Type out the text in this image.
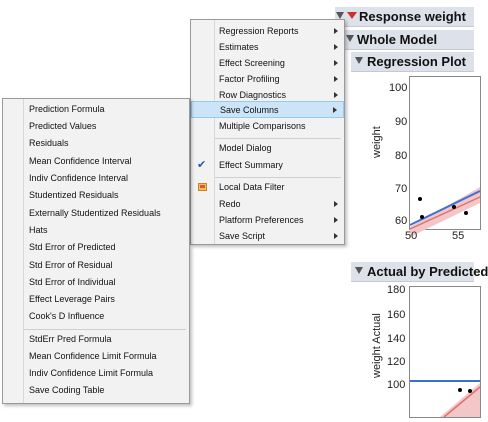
Response weight
Whole Model
Regression Plot
100
90
80
70
60
weight
50	55
Actual by Predicted
180
160
140
120
100
weight Actual
Regression Reports
Estimates
Effect Screening
Factor Profiling
Row Diagnostics
Save Columns
Multiple Comparisons
Model Dialog
✔ Effect Summary
Local Data Filter
Redo
Platform Preferences
Save Script
Prediction Formula
Predicted Values
Residuals
Mean Confidence Interval
Indiv Confidence Interval
Studentized Residuals
Externally Studentized Residuals
Hats
Std Error of Predicted
Std Error of Residual
Std Error of Individual
Effect Leverage Pairs
Cook's D Influence
StdErr Pred Formula
Mean Confidence Limit Formula
Indiv Confidence Limit Formula
Save Coding Table
